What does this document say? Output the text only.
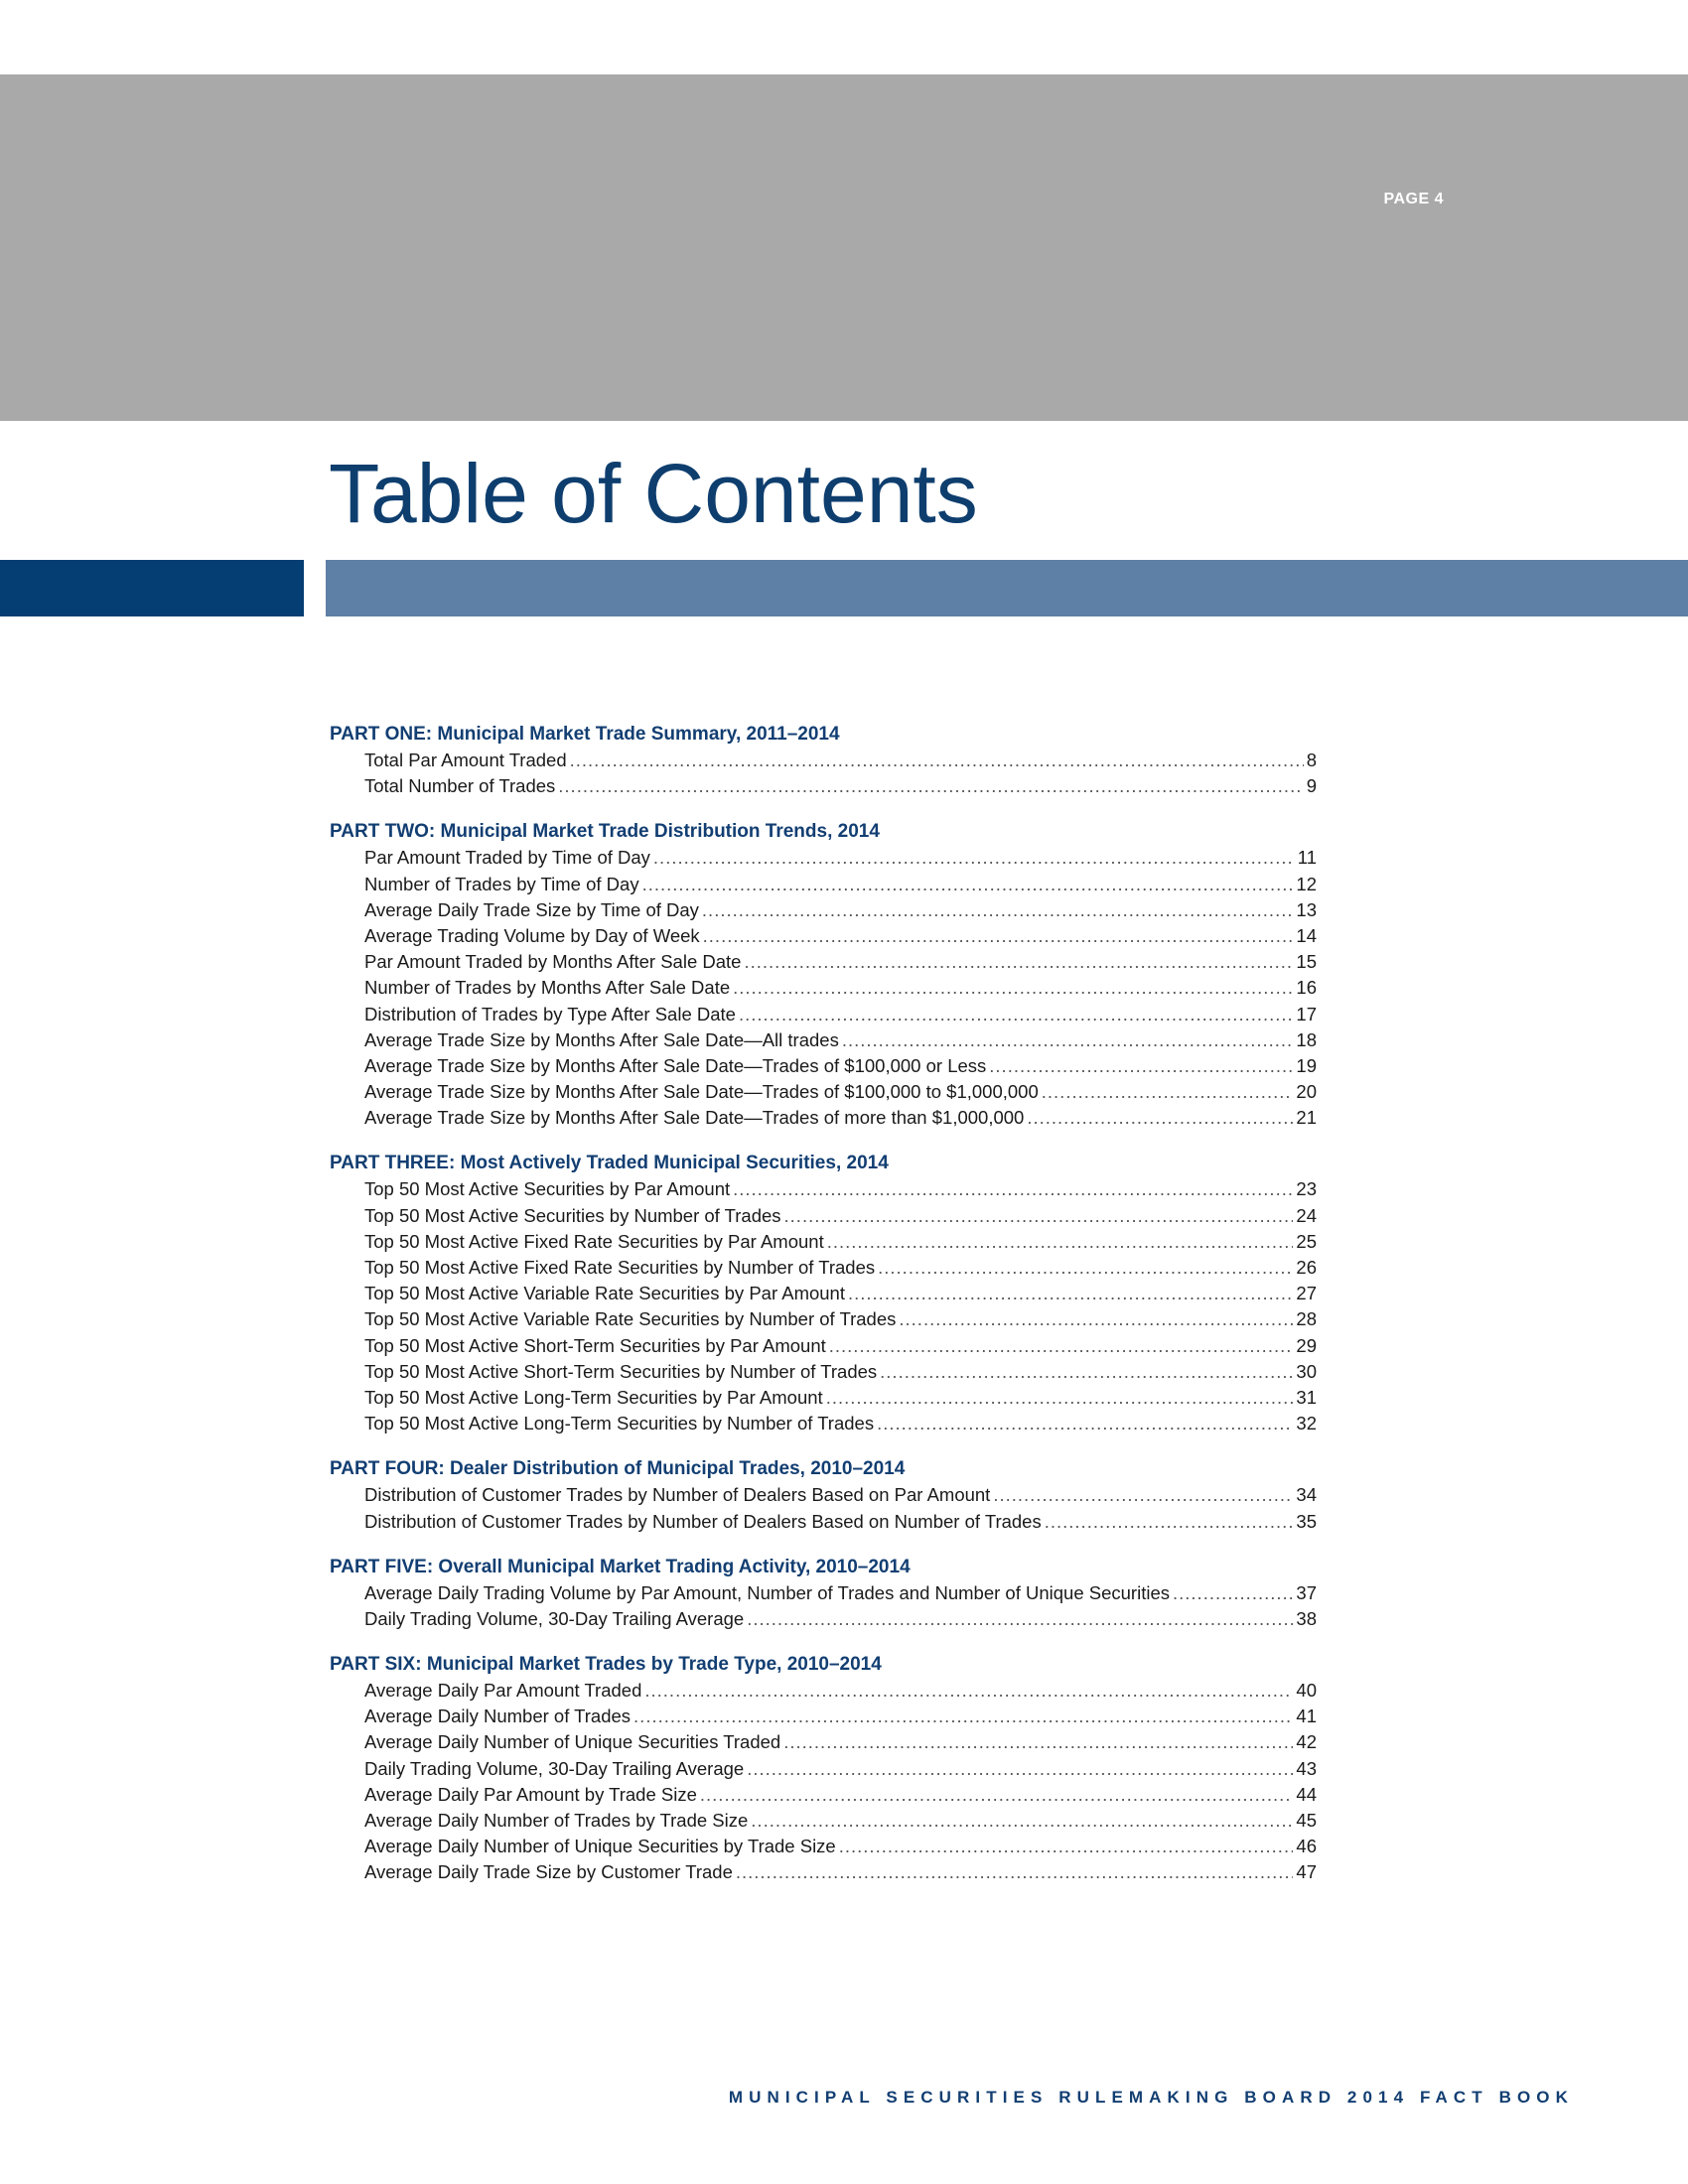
PAGE 4
Table of Contents
PART ONE: Municipal Market Trade Summary, 2011–2014
Total Par Amount Traded .....	8
Total Number of Trades .....	9
PART TWO: Municipal Market Trade Distribution Trends, 2014
Par Amount Traded by Time of Day .....	11
Number of Trades by Time of Day .....	12
Average Daily Trade Size by Time of Day .....	13
Average Trading Volume by Day of Week .....	14
Par Amount Traded by Months After Sale Date .....	15
Number of Trades by Months After Sale Date .....	16
Distribution of Trades by Type After Sale Date .....	17
Average Trade Size by Months After Sale Date—All trades .....	18
Average Trade Size by Months After Sale Date—Trades of $100,000 or Less .....	19
Average Trade Size by Months After Sale Date—Trades of $100,000 to $1,000,000 .....	20
Average Trade Size by Months After Sale Date—Trades of more than $1,000,000 .....	21
PART THREE: Most Actively Traded Municipal Securities, 2014
Top 50 Most Active Securities by Par Amount .....	23
Top 50 Most Active Securities by Number of Trades .....	24
Top 50 Most Active Fixed Rate Securities by Par Amount .....	25
Top 50 Most Active Fixed Rate Securities by Number of Trades .....	26
Top 50 Most Active Variable Rate Securities by Par Amount .....	27
Top 50 Most Active Variable Rate Securities by Number of Trades .....	28
Top 50 Most Active Short-Term Securities by Par Amount .....	29
Top 50 Most Active Short-Term Securities by Number of Trades .....	30
Top 50 Most Active Long-Term Securities by Par Amount .....	31
Top 50 Most Active Long-Term Securities by Number of Trades .....	32
PART FOUR: Dealer Distribution of Municipal Trades, 2010–2014
Distribution of Customer Trades by Number of Dealers Based on Par Amount .....	34
Distribution of Customer Trades by Number of Dealers Based on Number of Trades .....	35
PART FIVE: Overall Municipal Market Trading Activity, 2010–2014
Average Daily Trading Volume by Par Amount, Number of Trades and Number of Unique Securities .....	37
Daily Trading Volume, 30-Day Trailing Average .....	38
PART SIX: Municipal Market Trades by Trade Type, 2010–2014
Average Daily Par Amount Traded .....	40
Average Daily Number of Trades .....	41
Average Daily Number of Unique Securities Traded .....	42
Daily Trading Volume, 30-Day Trailing Average .....	43
Average Daily Par Amount by Trade Size .....	44
Average Daily Number of Trades by Trade Size .....	45
Average Daily Number of Unique Securities by Trade Size .....	46
Average Daily Trade Size by Customer Trade .....	47
MUNICIPAL SECURITIES RULEMAKING BOARD 2014 FACT BOOK
